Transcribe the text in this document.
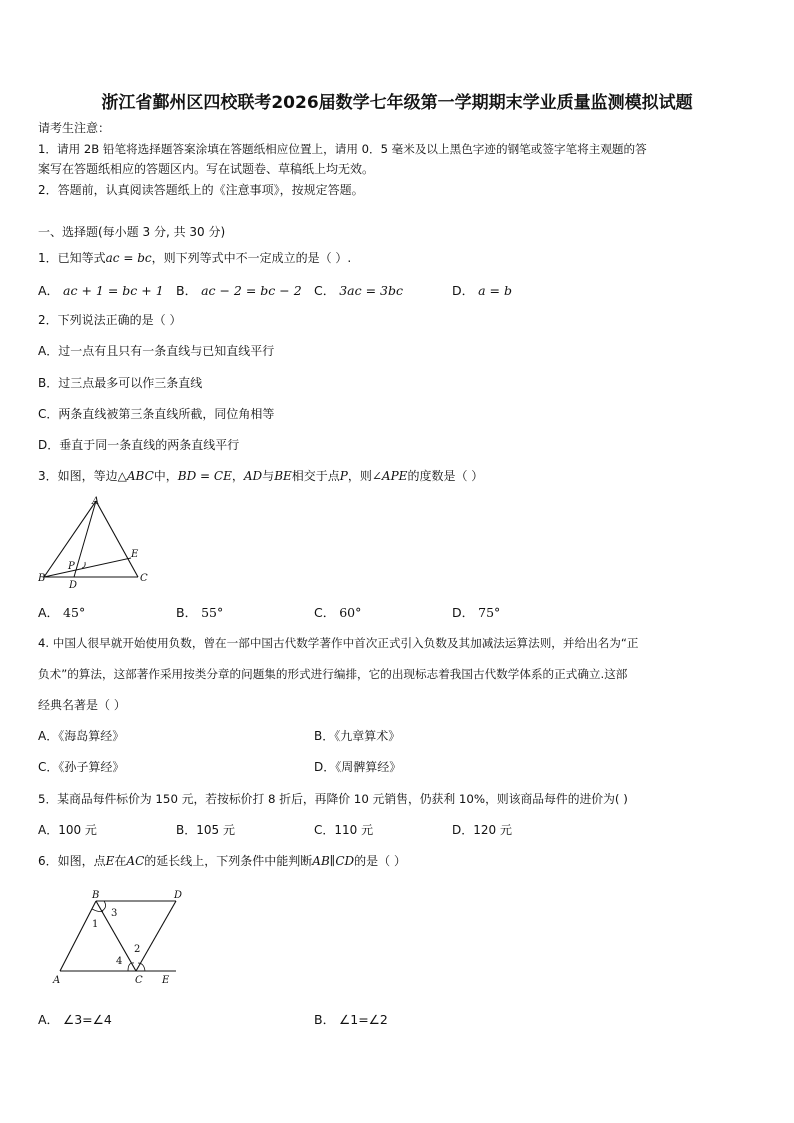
浙江省鄞州区四校联考2026届数学七年级第一学期期末学业质量监测模拟试题
请考生注意：
1．请用 2B 铅笔将选择题答案涂填在答题纸相应位置上，请用 0．5 毫米及以上黑色字迹的钢笔或签字笔将主观题的答
案写在答题纸相应的答题区内。写在试题卷、草稿纸上均无效。
2．答题前，认真阅读答题纸上的《注意事项》，按规定答题。
一、选择题(每小题 3 分, 共 30 分)
1．已知等式ac = bc，则下列等式中不一定成立的是（ ）.
A． ac + 1 = bc + 1 B． ac − 2 = bc − 2 C． 3ac = 3bc	D． a = b
2．下列说法正确的是（ ）
A．过一点有且只有一条直线与已知直线平行
B．过三点最多可以作三条直线
C．两条直线被第三条直线所截，同位角相等
D．垂直于同一条直线的两条直线平行
3．如图，等边△ABC中，BD = CE，AD与BE相交于点P，则∠APE的度数是（ ）
A
B	C
D
E
P
A． 45°	B． 55°	C． 60°	D． 75°
4. 中国人很早就开始使用负数，曾在一部中国古代数学著作中首次正式引入负数及其加减法运算法则，并给出名为“正
负术”的算法，这部著作采用按类分章的问题集的形式进行编排，它的出现标志着我国古代数学体系的正式确立.这部
经典名著是（ ）
A．《海岛算经》	B．《九章算术》
C．《孙子算经》	D．《周髀算经》
5．某商品每件标价为 150 元，若按标价打 8 折后，再降价 10 元销售，仍获利 10%，则该商品每件的进价为( )
A．100 元	B．105 元	C．110 元	D．120 元
6．如图，点E在AC的延长线上，下列条件中能判断AB∥CD的是（ ）
B	D
A	C E
1
2
3
4
A． ∠3=∠4	B． ∠1=∠2
